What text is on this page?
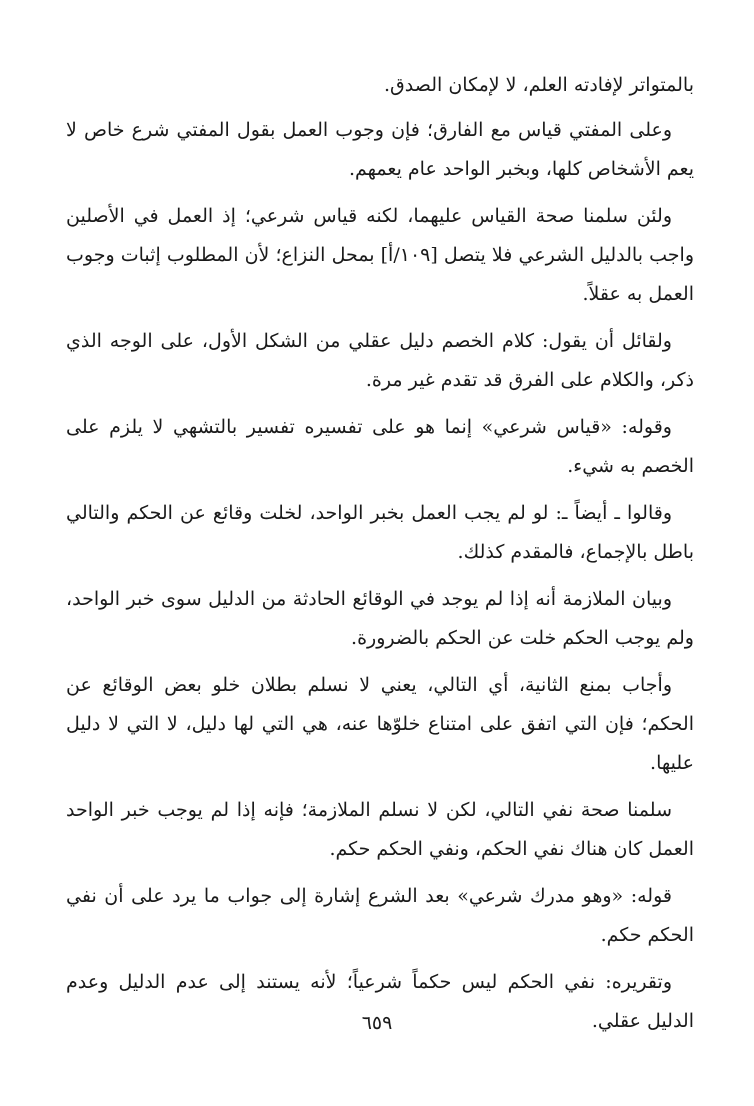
بالمتواتر لإفادته العلم، لا لإمكان الصدق.

وعلى المفتي قياس مع الفارق؛ فإن وجوب العمل بقول المفتي شرع خاص لا يعم الأشخاص كلها، وبخبر الواحد عام يعمهم.

ولئن سلمنا صحة القياس عليهما، لكنه قياس شرعي؛ إذ العمل في الأصلين واجب بالدليل الشرعي فلا يتصل [١٠٩/أ] بمحل النزاع؛ لأن المطلوب إثبات وجوب العمل به عقلاً.

ولقائل أن يقول: كلام الخصم دليل عقلي من الشكل الأول، على الوجه الذي ذكر، والكلام على الفرق قد تقدم غير مرة.

وقوله: «قياس شرعي» إنما هو على تفسيره تفسير بالتشهي لا يلزم على الخصم به شيء.

وقالوا ـ أيضاً ـ: لو لم يجب العمل بخبر الواحد، لخلت وقائع عن الحكم والتالي باطل بالإجماع، فالمقدم كذلك.

وبيان الملازمة أنه إذا لم يوجد في الوقائع الحادثة من الدليل سوى خبر الواحد، ولم يوجب الحكم خلت عن الحكم بالضرورة.

وأجاب بمنع الثانية، أي التالي، يعني لا نسلم بطلان خلو بعض الوقائع عن الحكم؛ فإن التي اتفق على امتناع خلوّها عنه، هي التي لها دليل، لا التي لا دليل عليها.

سلمنا صحة نفي التالي، لكن لا نسلم الملازمة؛ فإنه إذا لم يوجب خبر الواحد العمل كان هناك نفي الحكم، ونفي الحكم حكم.

قوله: «وهو مدرك شرعي» بعد الشرع إشارة إلى جواب ما يرد على أن نفي الحكم حكم.

وتقريره: نفي الحكم ليس حكماً شرعياً؛ لأنه يستند إلى عدم الدليل وعدم الدليل عقلي.

٦٥٩
